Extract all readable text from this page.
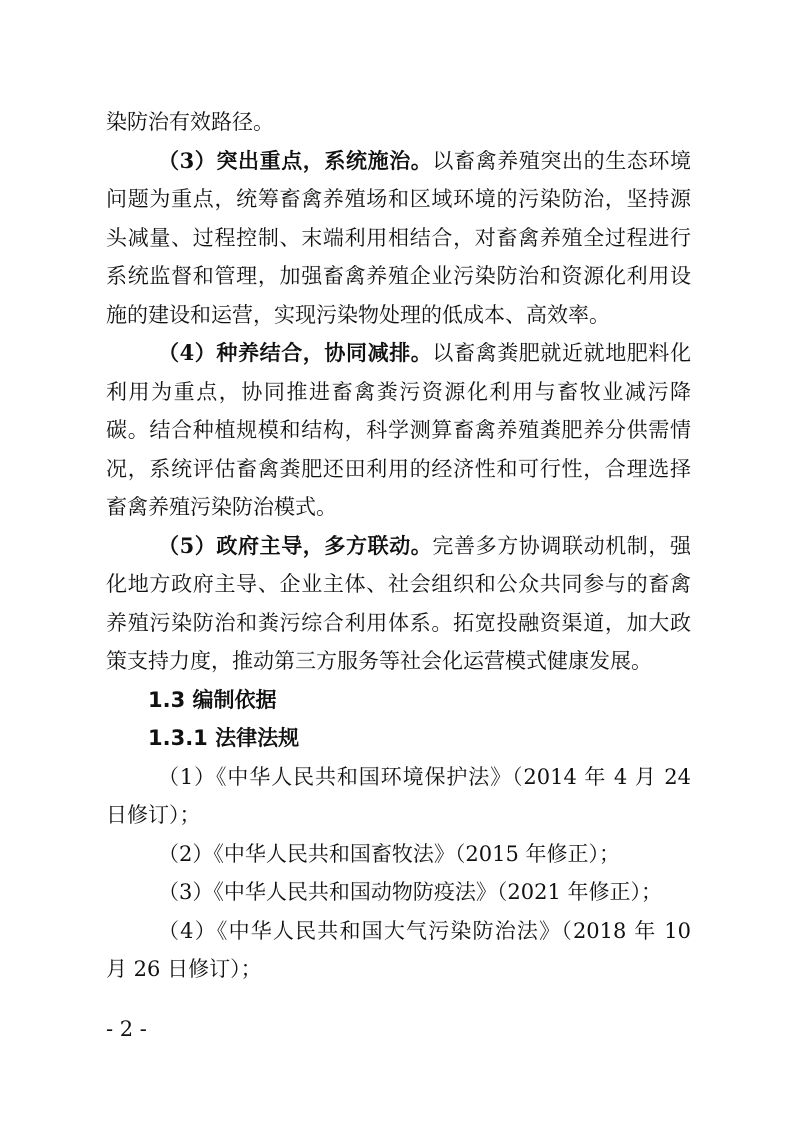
染防治有效路径。

（3）突出重点，系统施治。以畜禽养殖突出的生态环境问题为重点，统筹畜禽养殖场和区域环境的污染防治，坚持源头减量、过程控制、末端利用相结合，对畜禽养殖全过程进行系统监督和管理，加强畜禽养殖企业污染防治和资源化利用设施的建设和运营，实现污染物处理的低成本、高效率。

（4）种养结合，协同减排。以畜禽粪肥就近就地肥料化利用为重点，协同推进畜禽粪污资源化利用与畜牧业减污降碳。结合种植规模和结构，科学测算畜禽养殖粪肥养分供需情况，系统评估畜禽粪肥还田利用的经济性和可行性，合理选择畜禽养殖污染防治模式。

（5）政府主导，多方联动。完善多方协调联动机制，强化地方政府主导、企业主体、社会组织和公众共同参与的畜禽养殖污染防治和粪污综合利用体系。拓宽投融资渠道，加大政策支持力度，推动第三方服务等社会化运营模式健康发展。

1.3 编制依据

1.3.1 法律法规

（1）《中华人民共和国环境保护法》（2014 年 4 月 24 日修订）；

（2）《中华人民共和国畜牧法》（2015 年修正）；

（3）《中华人民共和国动物防疫法》（2021 年修正）；

（4）《中华人民共和国大气污染防治法》（2018 年 10 月 26 日修订）；

- 2 -
